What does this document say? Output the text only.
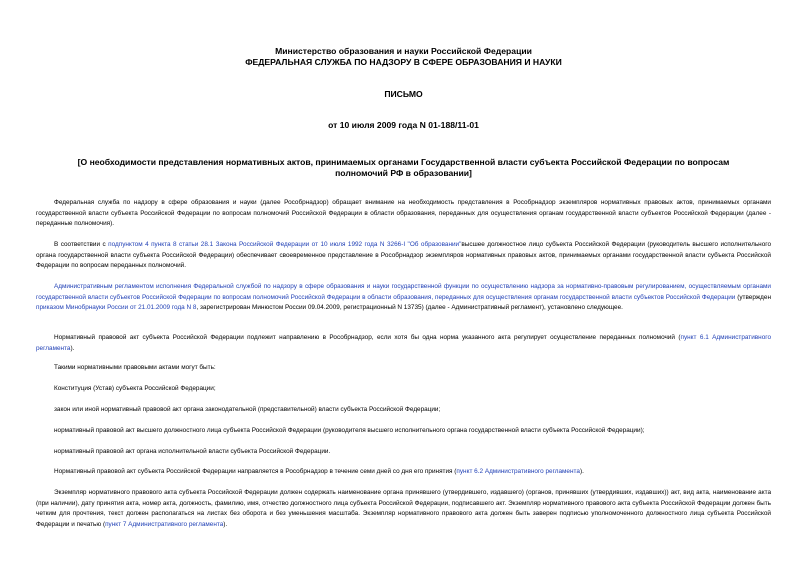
Министерство образования и науки Российской Федерации
ФЕДЕРАЛЬНАЯ СЛУЖБА ПО НАДЗОРУ В СФЕРЕ ОБРАЗОВАНИЯ И НАУКИ
ПИСЬМО
от 10 июля 2009 года N 01-188/11-01
[О необходимости представления нормативных актов, принимаемых органами Государственной власти субъекта Российской Федерации по вопросам полномочий РФ в образовании]

Федеральная служба по надзору в сфере образования и науки (далее Рособрнадзор) обращает внимание на необходимость представления в Рособрнадзор экземпляров нормативных правовых актов, принимаемых органами государственной власти субъекта Российской Федерации по вопросам полномочий Российской Федерации в области образования, переданных для осуществления органам государственной власти субъектов Российской Федерации (далее - переданные полномочия).

В соответствии с подпунктом 4 пункта 8 статьи 28.1 Закона Российской Федерации от 10 июля 1992 года N 3266-I "Об образовании"высшее должностное лицо субъекта Российской Федерации (руководитель высшего исполнительного органа государственной власти субъекта Российской Федерации) обеспечивает своевременное представление в Рособрнадзор экземпляров нормативных правовых актов, принимаемых органами государственной власти субъекта Российской Федерации по вопросам переданных полномочий.

Административным регламентом исполнения Федеральной службой по надзору в сфере образования и науки государственной функции по осуществлению надзора за нормативно-правовым регулированием, осуществляемым органами государственной власти субъектов Российской Федерации по вопросам полномочий Российской Федерации в области образования, переданных для осуществления органам государственной власти субъектов Российской Федерации (утвержден приказом Минобрнауки России от 21.01.2009 года N 8, зарегистрирован Минюстом России 09.04.2009, регистрационный N 13735) (далее - Административный регламент), установлено следующее.

Нормативный правовой акт субъекта Российской Федерации подлежит направлению в Рособрнадзор, если хотя бы одна норма указанного акта регулирует осуществление переданных полномочий (пункт 6.1 Административного регламента).

Такими нормативными правовыми актами могут быть:

Конституция (Устав) субъекта Российской Федерации;

закон или иной нормативный правовой акт органа законодательной (представительной) власти субъекта Российской Федерации;

нормативный правовой акт высшего должностного лица субъекта Российской Федерации (руководителя высшего исполнительного органа государственной власти субъекта Российской Федерации);

нормативный правовой акт органа исполнительной власти субъекта Российской Федерации.

Нормативный правовой акт субъекта Российской Федерации направляется в Рособрнадзор в течение семи дней со дня его принятия (пункт 6.2 Административного регламента).

Экземпляр нормативного правового акта субъекта Российской Федерации должен содержать наименование органа принявшего (утвердившего, издавшего) (органов, принявших (утвердивших, издавших)) акт, вид акта, наименование акта (при наличии), дату принятия акта, номер акта, должность, фамилию, имя, отчество должностного лица субъекта Российской Федерации, подписавшего акт. Экземпляр нормативного правового акта субъекта Российской Федерации должен быть четким для прочтения, текст должен располагаться на листах без оборота и без уменьшения масштаба. Экземпляр нормативного правового акта должен быть заверен подписью уполномоченного должностного лица субъекта Российской Федерации и печатью (пункт 7 Административного регламента).
